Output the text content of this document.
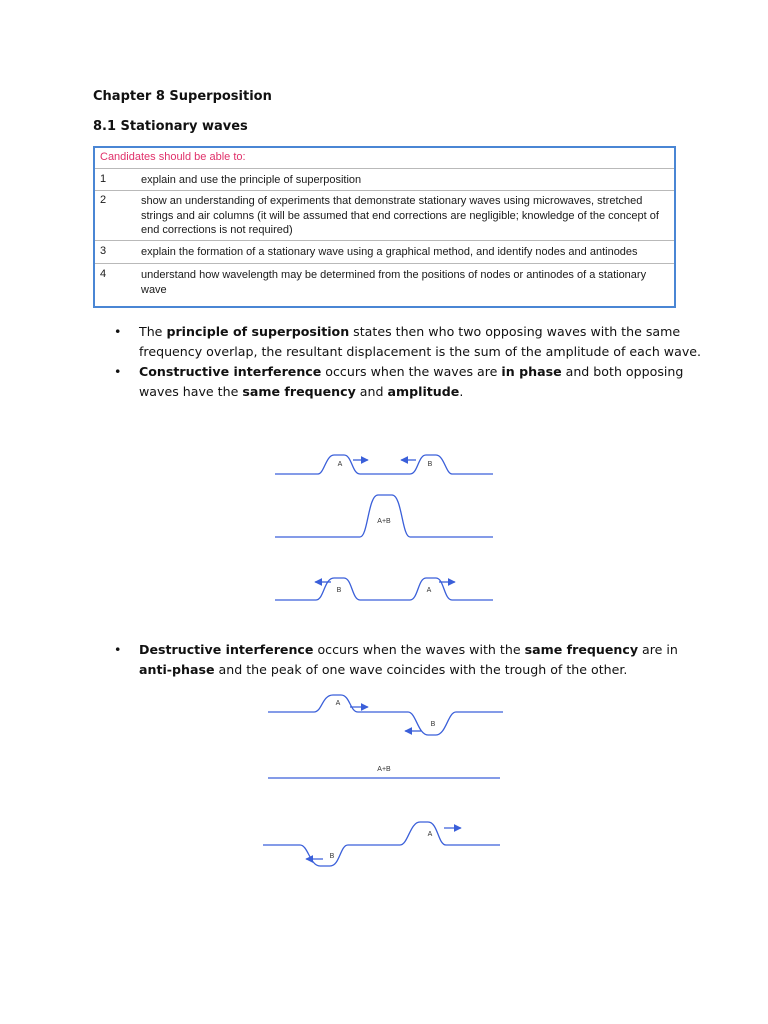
Chapter 8 Superposition
8.1 Stationary waves
Candidates should be able to:
1	explain and use the principle of superposition
2	show an understanding of experiments that demonstrate stationary waves using microwaves, stretched strings and air columns (it will be assumed that end corrections are negligible; knowledge of the concept of end corrections is not required)
3	explain the formation of a stationary wave using a graphical method, and identify nodes and antinodes
4	understand how wavelength may be determined from the positions of nodes or antinodes of a stationary wave

• The principle of superposition states then who two opposing waves with the same frequency overlap, the resultant displacement is the sum of the amplitude of each wave.

• Constructive interference occurs when the waves are in phase and both opposing waves have the same frequency and amplitude.

• Destructive interference occurs when the waves with the same frequency are in anti-phase and the peak of one wave coincides with the trough of the other.

A	B
A+B
B	A
A
B
A+B
B
A
